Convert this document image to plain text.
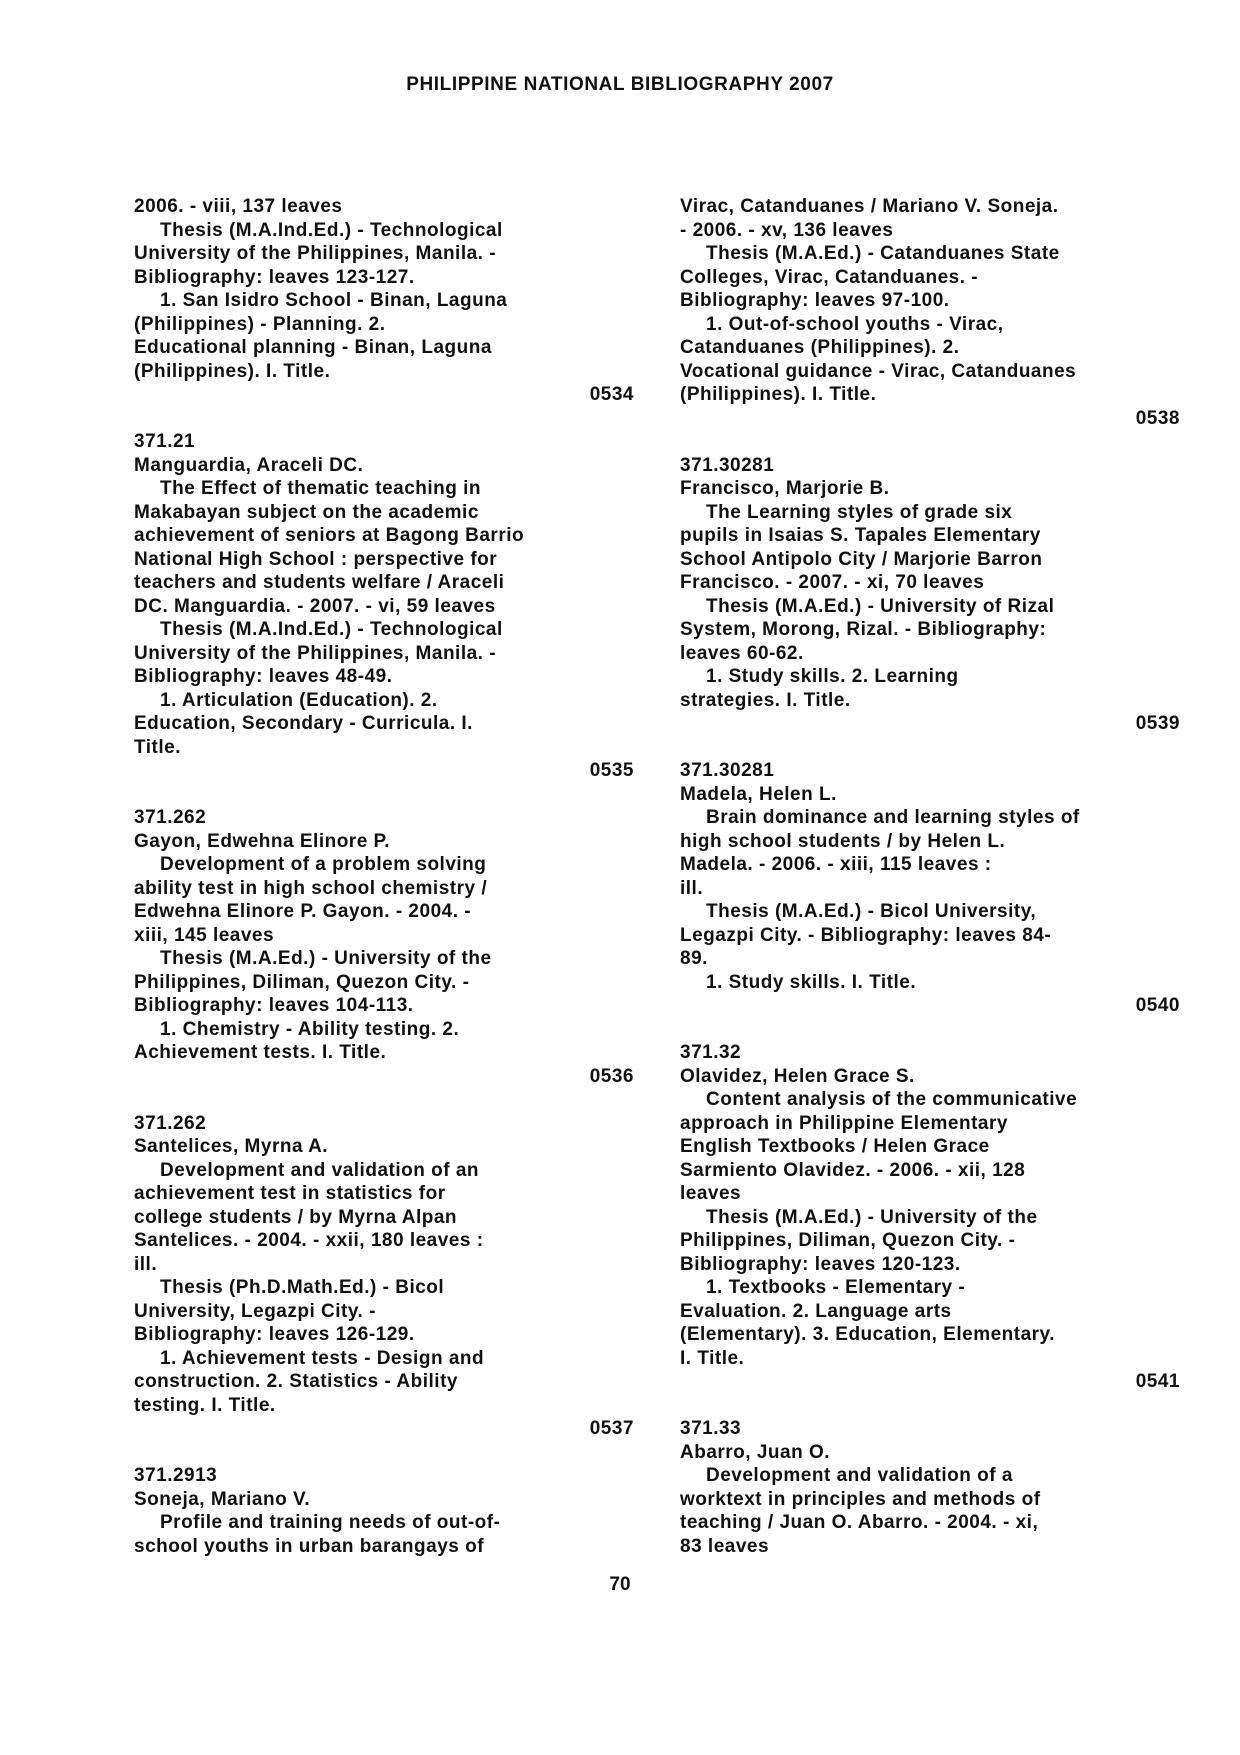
PHILIPPINE NATIONAL BIBLIOGRAPHY 2007
2006. - viii, 137 leaves
Thesis (M.A.Ind.Ed.) - Technological
University of the Philippines, Manila. -
Bibliography: leaves 123-127.
1. San Isidro School - Binan, Laguna
(Philippines) - Planning. 2.
Educational planning - Binan, Laguna
(Philippines). I. Title.
0534
371.21
Manguardia, Araceli DC.
The Effect of thematic teaching in
Makabayan subject on the academic
achievement of seniors at Bagong Barrio
National High School : perspective for
teachers and students welfare / Araceli
DC. Manguardia. - 2007. - vi, 59 leaves
Thesis (M.A.Ind.Ed.) - Technological
University of the Philippines, Manila. -
Bibliography: leaves 48-49.
1. Articulation (Education). 2.
Education, Secondary - Curricula. I.
Title.
0535
371.262
Gayon, Edwehna Elinore P.
Development of a problem solving
ability test in high school chemistry /
Edwehna Elinore P. Gayon. - 2004. -
xiii, 145 leaves
Thesis (M.A.Ed.) - University of the
Philippines, Diliman, Quezon City. -
Bibliography: leaves 104-113.
1. Chemistry - Ability testing. 2.
Achievement tests. I. Title.
0536
371.262
Santelices, Myrna A.
Development and validation of an
achievement test in statistics for
college students / by Myrna Alpan
Santelices. - 2004. - xxii, 180 leaves :
ill.
Thesis (Ph.D.Math.Ed.) - Bicol
University, Legazpi City. -
Bibliography: leaves 126-129.
1. Achievement tests - Design and
construction. 2. Statistics - Ability
testing. I. Title.
0537
371.2913
Soneja, Mariano V.
Profile and training needs of out-of-
school youths in urban barangays of
Virac, Catanduanes / Mariano V. Soneja.
- 2006. - xv, 136 leaves
Thesis (M.A.Ed.) - Catanduanes State
Colleges, Virac, Catanduanes. -
Bibliography: leaves 97-100.
1. Out-of-school youths - Virac,
Catanduanes (Philippines). 2.
Vocational guidance - Virac, Catanduanes
(Philippines). I. Title.
0538
371.30281
Francisco, Marjorie B.
The Learning styles of grade six
pupils in Isaias S. Tapales Elementary
School Antipolo City / Marjorie Barron
Francisco. - 2007. - xi, 70 leaves
Thesis (M.A.Ed.) - University of Rizal
System, Morong, Rizal. - Bibliography:
leaves 60-62.
1. Study skills. 2. Learning
strategies. I. Title.
0539
371.30281
Madela, Helen L.
Brain dominance and learning styles of
high school students / by Helen L.
Madela. - 2006. - xiii, 115 leaves :
ill.
Thesis (M.A.Ed.) - Bicol University,
Legazpi City. - Bibliography: leaves 84-
89.
1. Study skills. I. Title.
0540
371.32
Olavidez, Helen Grace S.
Content analysis of the communicative
approach in Philippine Elementary
English Textbooks / Helen Grace
Sarmiento Olavidez. - 2006. - xii, 128
leaves
Thesis (M.A.Ed.) - University of the
Philippines, Diliman, Quezon City. -
Bibliography: leaves 120-123.
1. Textbooks - Elementary -
Evaluation. 2. Language arts
(Elementary). 3. Education, Elementary.
I. Title.
0541
371.33
Abarro, Juan O.
Development and validation of a
worktext in principles and methods of
teaching / Juan O. Abarro. - 2004. - xi,
83 leaves
70
